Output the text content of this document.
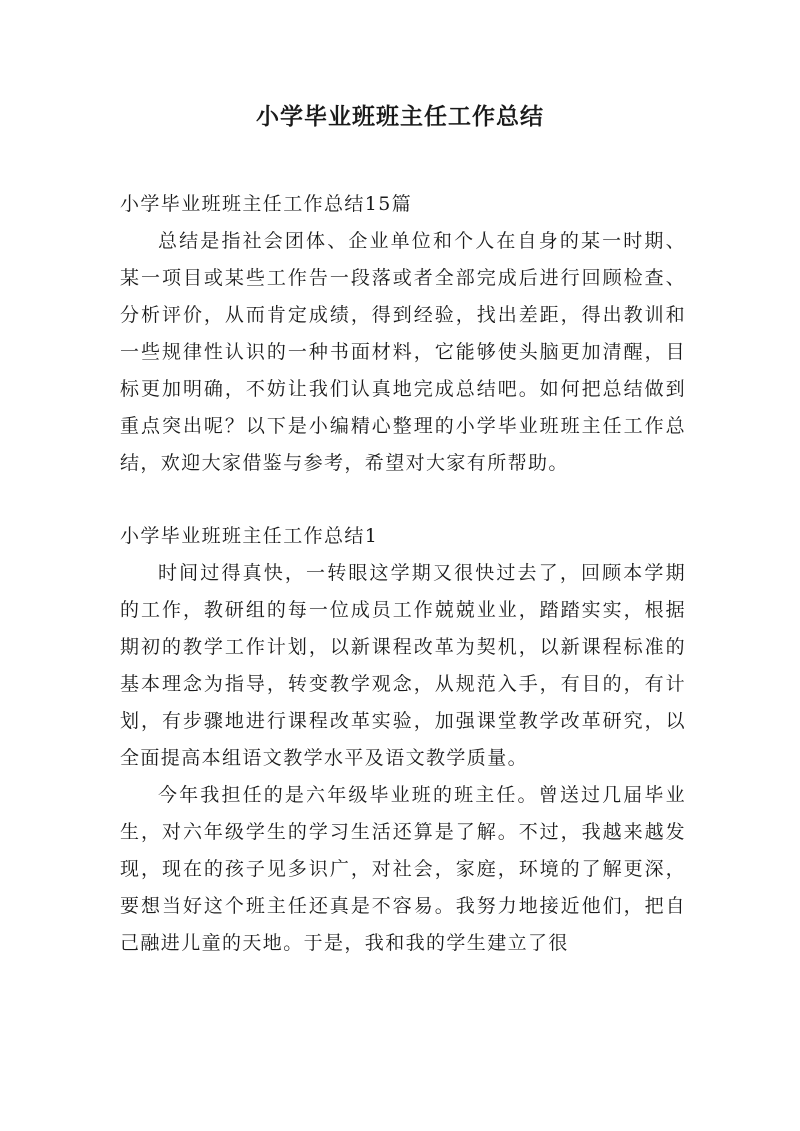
小学毕业班班主任工作总结

小学毕业班班主任工作总结15篇

总结是指社会团体、企业单位和个人在自身的某一时期、某一项目或某些工作告一段落或者全部完成后进行回顾检查、分析评价，从而肯定成绩，得到经验，找出差距，得出教训和一些规律性认识的一种书面材料，它能够使头脑更加清醒，目标更加明确，不妨让我们认真地完成总结吧。如何把总结做到重点突出呢？以下是小编精心整理的小学毕业班班主任工作总结，欢迎大家借鉴与参考，希望对大家有所帮助。

小学毕业班班主任工作总结1

时间过得真快，一转眼这学期又很快过去了，回顾本学期的工作，教研组的每一位成员工作兢兢业业，踏踏实实，根据期初的教学工作计划，以新课程改革为契机，以新课程标准的基本理念为指导，转变教学观念，从规范入手，有目的，有计划，有步骤地进行课程改革实验，加强课堂教学改革研究，以全面提高本组语文教学水平及语文教学质量。

今年我担任的是六年级毕业班的班主任。曾送过几届毕业生，对六年级学生的学习生活还算是了解。不过，我越来越发现，现在的孩子见多识广，对社会，家庭，环境的了解更深，要想当好这个班主任还真是不容易。我努力地接近他们，把自己融进儿童的天地。于是，我和我的学生建立了很
